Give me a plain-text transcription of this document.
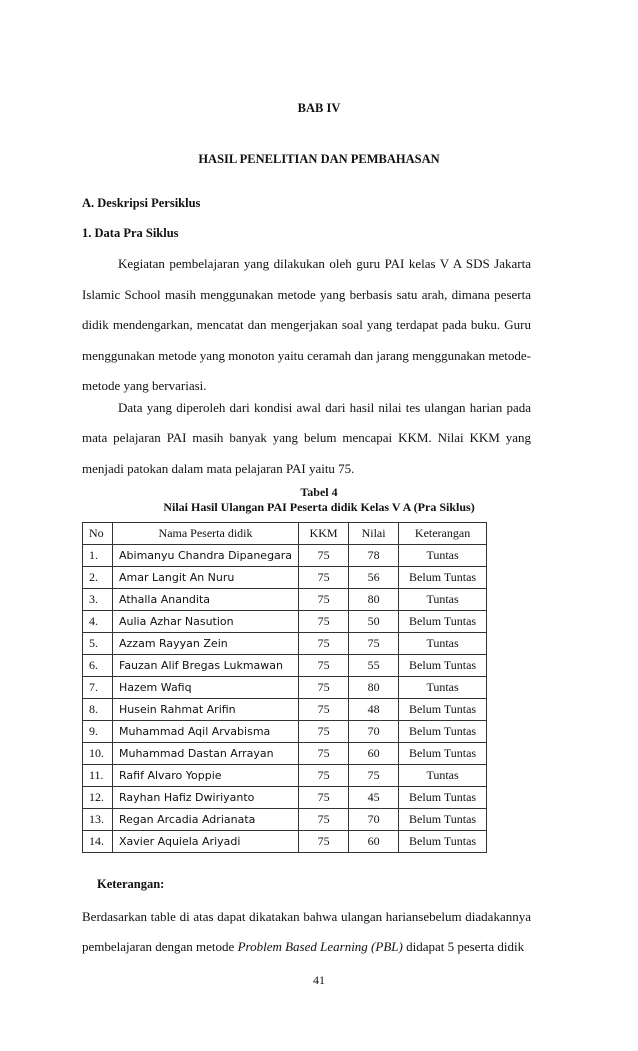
BAB IV
HASIL PENELITIAN DAN PEMBAHASAN
A. Deskripsi Persiklus
1. Data Pra Siklus
Kegiatan pembelajaran yang dilakukan oleh guru PAI kelas V A SDS Jakarta
Islamic School masih menggunakan metode yang berbasis satu arah, dimana peserta
didik mendengarkan, mencatat dan mengerjakan soal yang terdapat pada buku. Guru
menggunakan metode yang monoton yaitu ceramah dan jarang menggunakan metode-
metode yang bervariasi.
Data yang diperoleh dari kondisi awal dari hasil nilai tes ulangan harian pada
mata pelajaran PAI masih banyak yang belum mencapai KKM. Nilai KKM yang
menjadi patokan dalam mata pelajaran PAI yaitu 75.
Tabel 4
Nilai Hasil Ulangan PAI Peserta didik Kelas V A (Pra Siklus)
No	Nama Peserta didik	KKM	Nilai	Keterangan
1.	Abimanyu Chandra Dipanegara	75	78	Tuntas
2.	Amar Langit An Nuru	75	56	Belum Tuntas
3.	Athalla Anandita	75	80	Tuntas
4.	Aulia Azhar Nasution	75	50	Belum Tuntas
5.	Azzam Rayyan Zein	75	75	Tuntas
6.	Fauzan Alif Bregas Lukmawan	75	55	Belum Tuntas
7.	Hazem Wafiq	75	80	Tuntas
8.	Husein Rahmat Arifin	75	48	Belum Tuntas
9.	Muhammad Aqil Arvabisma	75	70	Belum Tuntas
10.	Muhammad Dastan Arrayan	75	60	Belum Tuntas
11.	Rafif Alvaro Yoppie	75	75	Tuntas
12.	Rayhan Hafiz Dwiriyanto	75	45	Belum Tuntas
13.	Regan Arcadia Adrianata	75	70	Belum Tuntas
14.	Xavier Aquiela Ariyadi	75	60	Belum Tuntas
Keterangan:
Berdasarkan table di atas dapat dikatakan bahwa ulangan hariansebelum diadakannya
pembelajaran dengan metode Problem Based Learning (PBL) didapat 5 peserta didik
41
